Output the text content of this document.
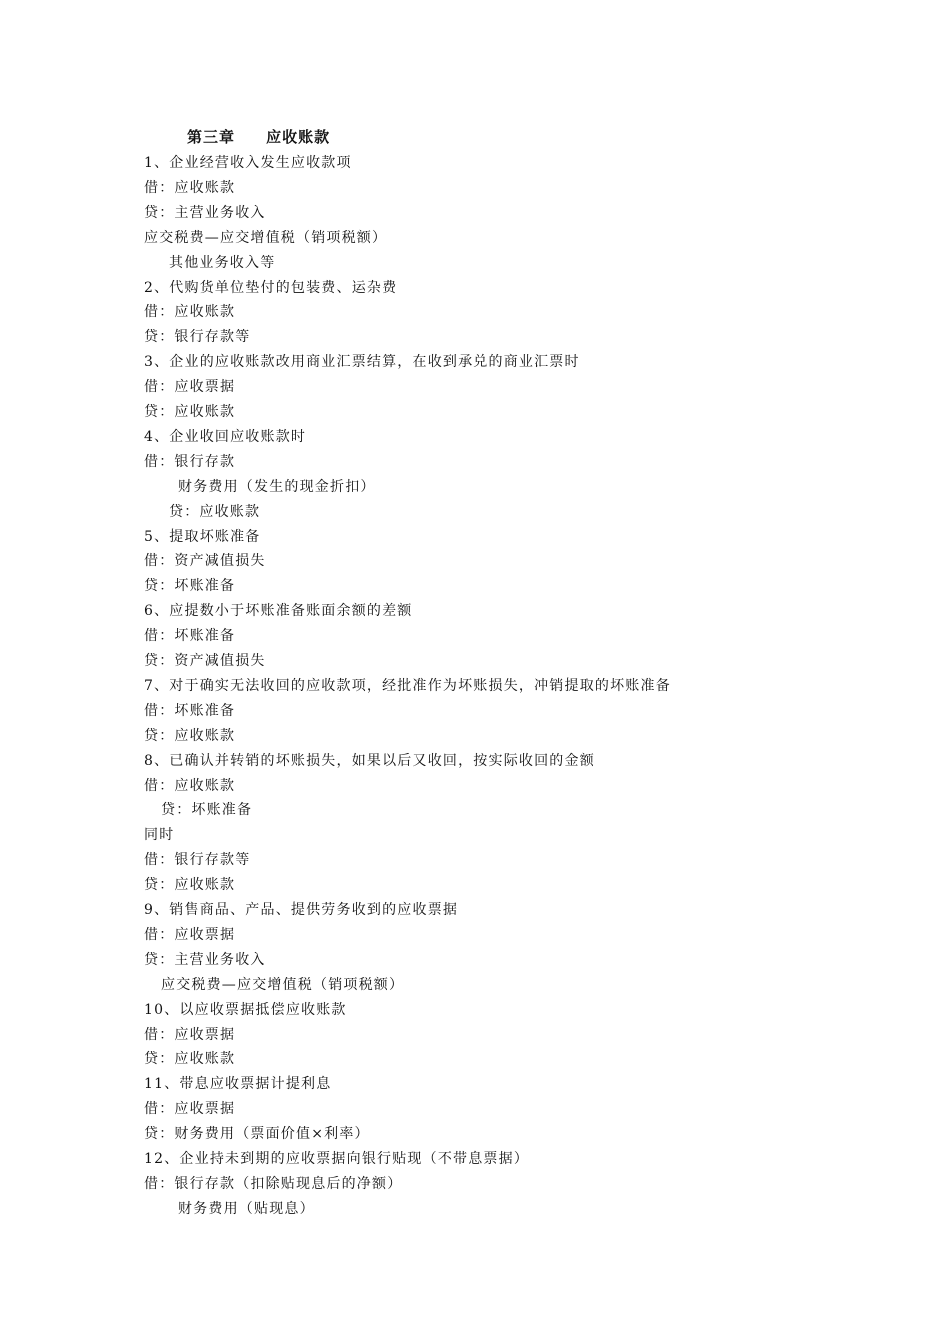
第三章     应收账款
1、企业经营收入发生应收款项
借：应收账款
贷：主营业务收入
应交税费—应交增值税（销项税额）
其他业务收入等
2、代购货单位垫付的包装费、运杂费
借：应收账款
贷：银行存款等
3、企业的应收账款改用商业汇票结算，在收到承兑的商业汇票时
借：应收票据
贷：应收账款
4、企业收回应收账款时
借：银行存款
财务费用（发生的现金折扣）
贷：应收账款
5、提取坏账准备
借：资产减值损失
贷：坏账准备
6、应提数小于坏账准备账面余额的差额
借：坏账准备
贷：资产减值损失
7、对于确实无法收回的应收款项，经批准作为坏账损失，冲销提取的坏账准备
借：坏账准备
贷：应收账款
8、已确认并转销的坏账损失，如果以后又收回，按实际收回的金额
借：应收账款
贷：坏账准备
同时
借：银行存款等
贷：应收账款
9、销售商品、产品、提供劳务收到的应收票据
借：应收票据
贷：主营业务收入
应交税费—应交增值税（销项税额）
10、以应收票据抵偿应收账款
借：应收票据
贷：应收账款
11、带息应收票据计提利息
借：应收票据
贷：财务费用（票面价值×利率）
12、企业持未到期的应收票据向银行贴现（不带息票据）
借：银行存款（扣除贴现息后的净额）
财务费用（贴现息）
